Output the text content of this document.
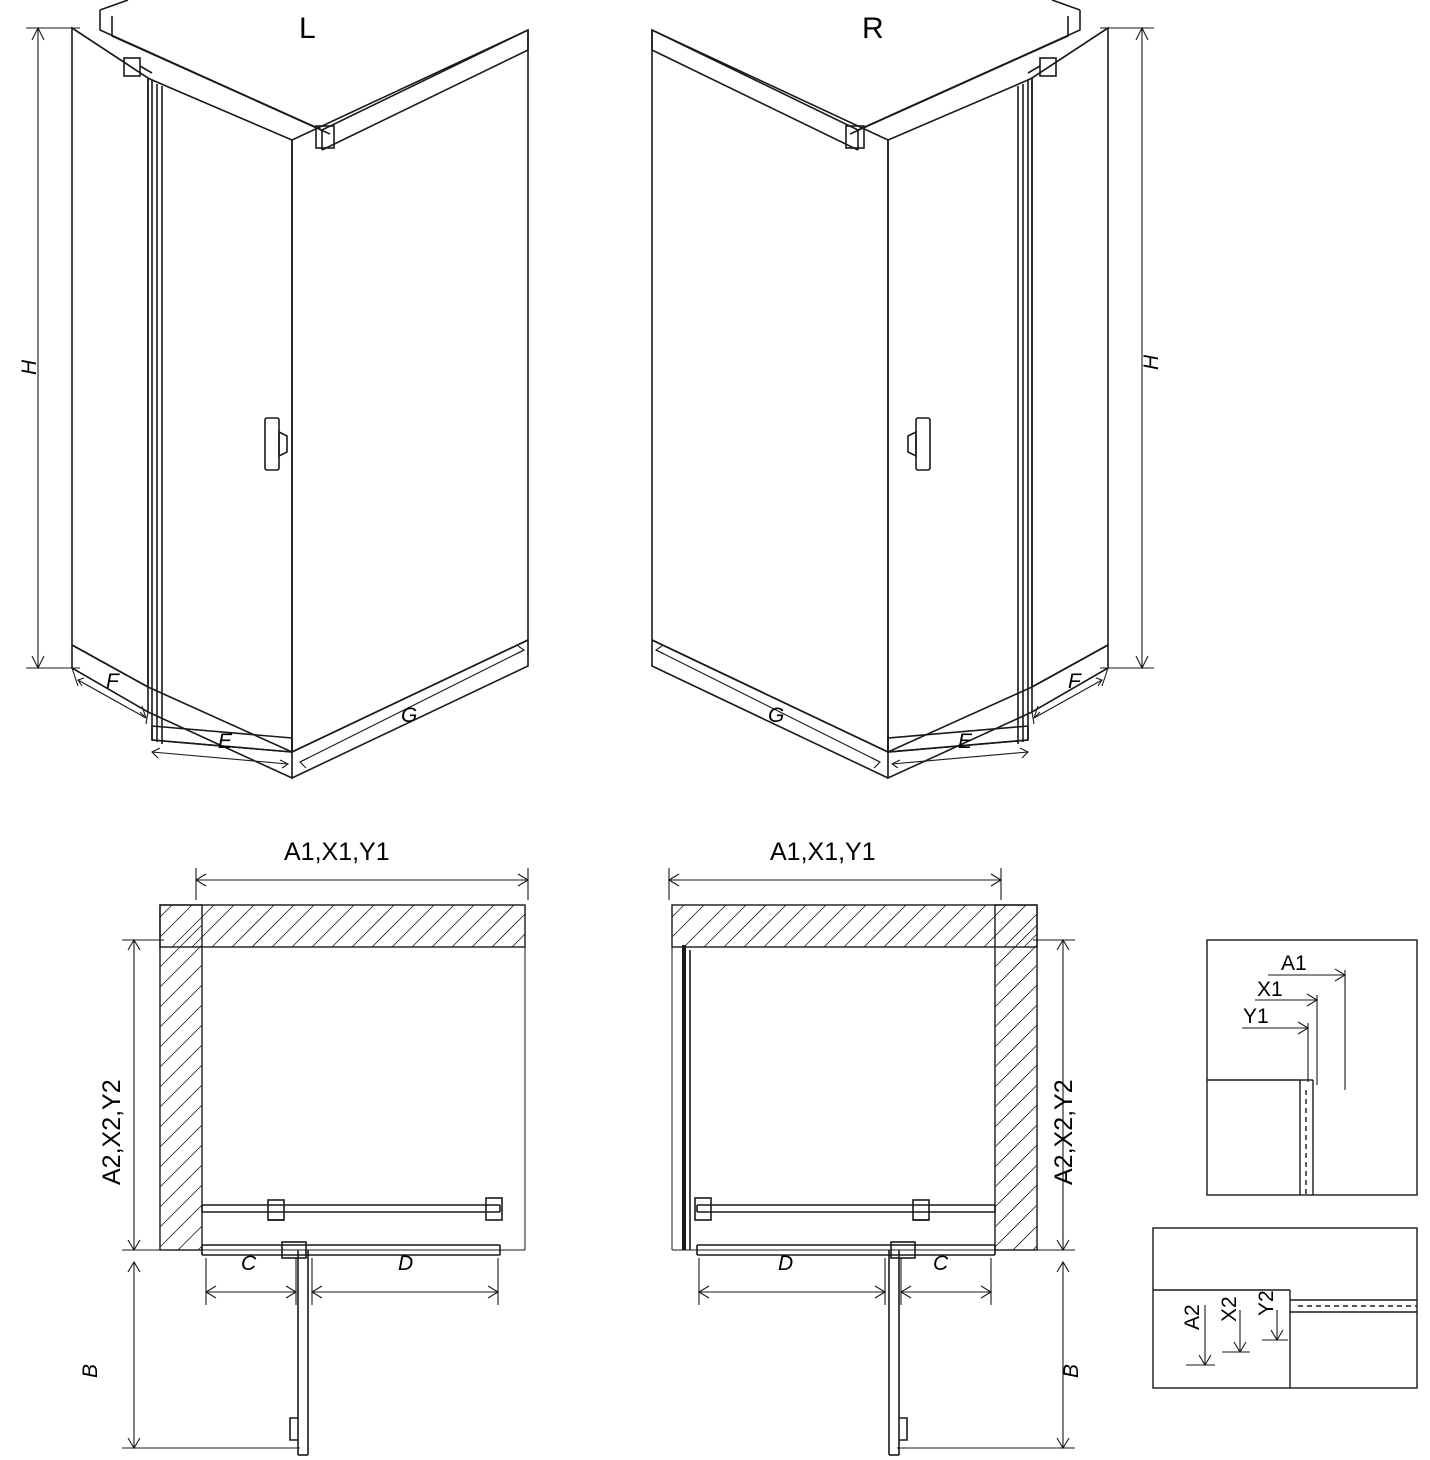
L	R
H	H
F
E
G
F
E
G
A1,X1,Y1
A2,X2,Y2
C	D
B
A1,X1,Y1
A2,X2,Y2
D	C
B
A1
X1
Y1
A2 X2 Y2
